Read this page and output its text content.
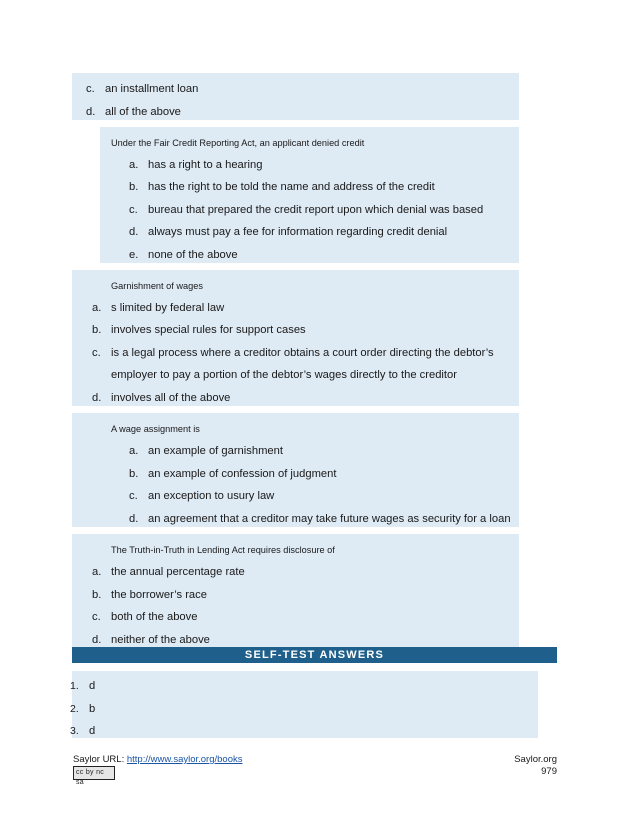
c. an installment loan
d. all of the above
Under the Fair Credit Reporting Act, an applicant denied credit
a. has a right to a hearing
b. has the right to be told the name and address of the credit
c. bureau that prepared the credit report upon which denial was based
d. always must pay a fee for information regarding credit denial
e. none of the above
Garnishment of wages
a. s limited by federal law
b. involves special rules for support cases
c. is a legal process where a creditor obtains a court order directing the debtor’s
employer to pay a portion of the debtor’s wages directly to the creditor
d. involves all of the above
A wage assignment is
a. an example of garnishment
b. an example of confession of judgment
c. an exception to usury law
d. an agreement that a creditor may take future wages as security for a loan
The Truth-in-Truth in Lending Act requires disclosure of
a. the annual percentage rate
b. the borrower’s race
c. both of the above
d. neither of the above
SELF-TEST ANSWERS
1. d
2. b
3. d
Saylor URL: http://www.saylor.org/books
cc by nc sa
Saylor.org
979
